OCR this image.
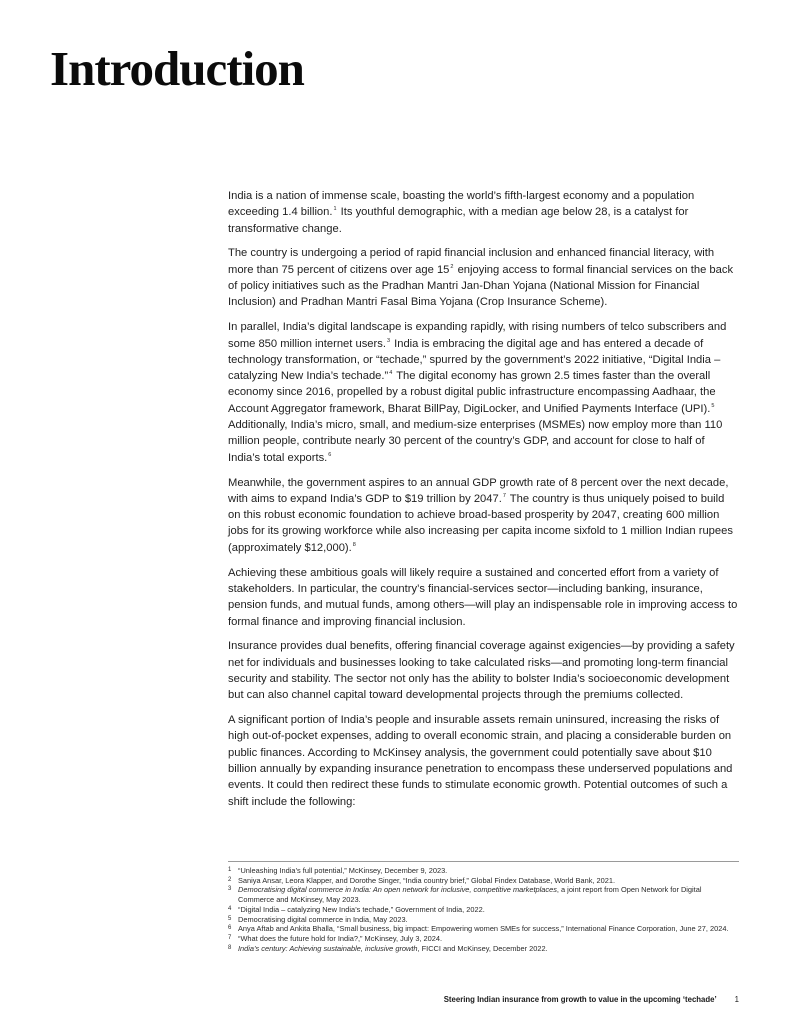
Introduction

India is a nation of immense scale, boasting the world’s fifth-largest economy and a population exceeding 1.4 billion.$^1$ Its youthful demographic, with a median age below 28, is a catalyst for transformative change.

The country is undergoing a period of rapid financial inclusion and enhanced financial literacy, with more than 75 percent of citizens over age $15^2$ enjoying access to formal financial services on the back of policy initiatives such as the Pradhan Mantri Jan-Dhan Yojana (National Mission for Financial Inclusion) and Pradhan Mantri Fasal Bima Yojana (Crop Insurance Scheme).

In parallel, India’s digital landscape is expanding rapidly, with rising numbers of telco subscribers and some 850 million internet users.$^3$ India is embracing the digital age and has entered a decade of technology transformation, or “techade,” spurred by the government’s 2022 initiative, “Digital India – catalyzing New India’s techade.”$^4$ The digital economy has grown 2.5 times faster than the overall economy since 2016, propelled by a robust digital public infrastructure encompassing Aadhaar, the Account Aggregator framework, Bharat BillPay, DigiLocker, and Unified Payments Interface (UPI).$^5$ Additionally, India’s micro, small, and medium-size enterprises (MSMEs) now employ more than 110 million people, contribute nearly 30 percent of the country’s GDP, and account for close to half of India’s total exports.$^6$

Meanwhile, the government aspires to an annual GDP growth rate of 8 percent over the next decade, with aims to expand India’s GDP to $19 trillion by 2047.$^7$ The country is thus uniquely poised to build on this robust economic foundation to achieve broad-based prosperity by 2047, creating 600 million jobs for its growing workforce while also increasing per capita income sixfold to 1 million Indian rupees (approximately $12,000).$^8$

Achieving these ambitious goals will likely require a sustained and concerted effort from a variety of stakeholders. In particular, the country’s financial-services sector—including banking, insurance, pension funds, and mutual funds, among others—will play an indispensable role in improving access to formal finance and improving financial inclusion.

Insurance provides dual benefits, offering financial coverage against exigencies—by providing a safety net for individuals and businesses looking to take calculated risks—and promoting long-term financial security and stability. The sector not only has the ability to bolster India’s socioeconomic development but can also channel capital toward developmental projects through the premiums collected.

A significant portion of India’s people and insurable assets remain uninsured, increasing the risks of high out-of-pocket expenses, adding to overall economic strain, and placing a considerable burden on public finances. According to McKinsey analysis, the government could potentially save about $10 billion annually by expanding insurance penetration to encompass these underserved populations and events. It could then redirect these funds to stimulate economic growth. Potential outcomes of such a shift include the following:

1 “Unleashing India’s full potential,” McKinsey, December 9, 2023.
2 Saniya Ansar, Leora Klapper, and Dorothe Singer, “India country brief,” Global Findex Database, World Bank, 2021.
3 Democratising digital commerce in India: An open network for inclusive, competitive marketplaces, a joint report from Open Network for Digital Commerce and McKinsey, May 2023.
4 “Digital India – catalyzing New India’s techade,” Government of India, 2022.
5 Democratising digital commerce in India, May 2023.
6 Anya Aftab and Ankita Bhalla, “Small business, big impact: Empowering women SMEs for success,” International Finance Corporation, June 27, 2024.
7 “What does the future hold for India?,” McKinsey, July 3, 2024.
8 India’s century: Achieving sustainable, inclusive growth, FICCI and McKinsey, December 2022.
Steering Indian insurance from growth to value in the upcoming ‘techade’ 1
